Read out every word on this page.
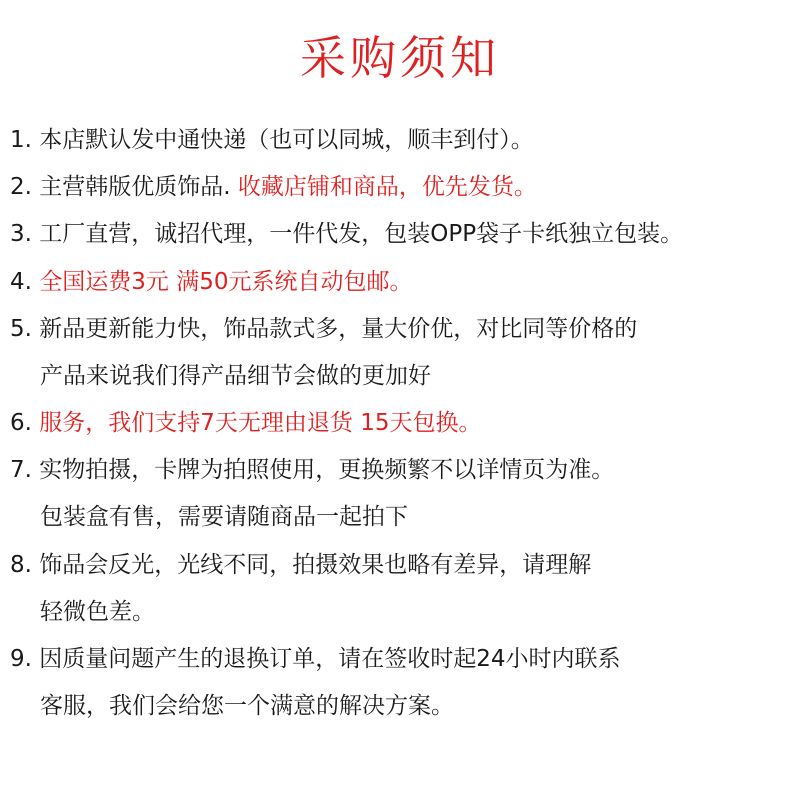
采购须知
1. 本店默认发中通快递（也可以同城，顺丰到付）。
2. 主营韩版优质饰品. 收藏店铺和商品，优先发货。
3. 工厂直营，诚招代理，一件代发，包装OPP袋子卡纸独立包装。
4. 全国运费3元 满50元系统自动包邮。
5. 新品更新能力快，饰品款式多，量大价优，对比同等价格的
产品来说我们得产品细节会做的更加好
6. 服务，我们支持7天无理由退货 15天包换。
7. 实物拍摄，卡牌为拍照使用，更换频繁不以详情页为准。
包装盒有售，需要请随商品一起拍下
8. 饰品会反光，光线不同，拍摄效果也略有差异，请理解
轻微色差。
9. 因质量问题产生的退换订单，请在签收时起24小时内联系
客服，我们会给您一个满意的解决方案。
